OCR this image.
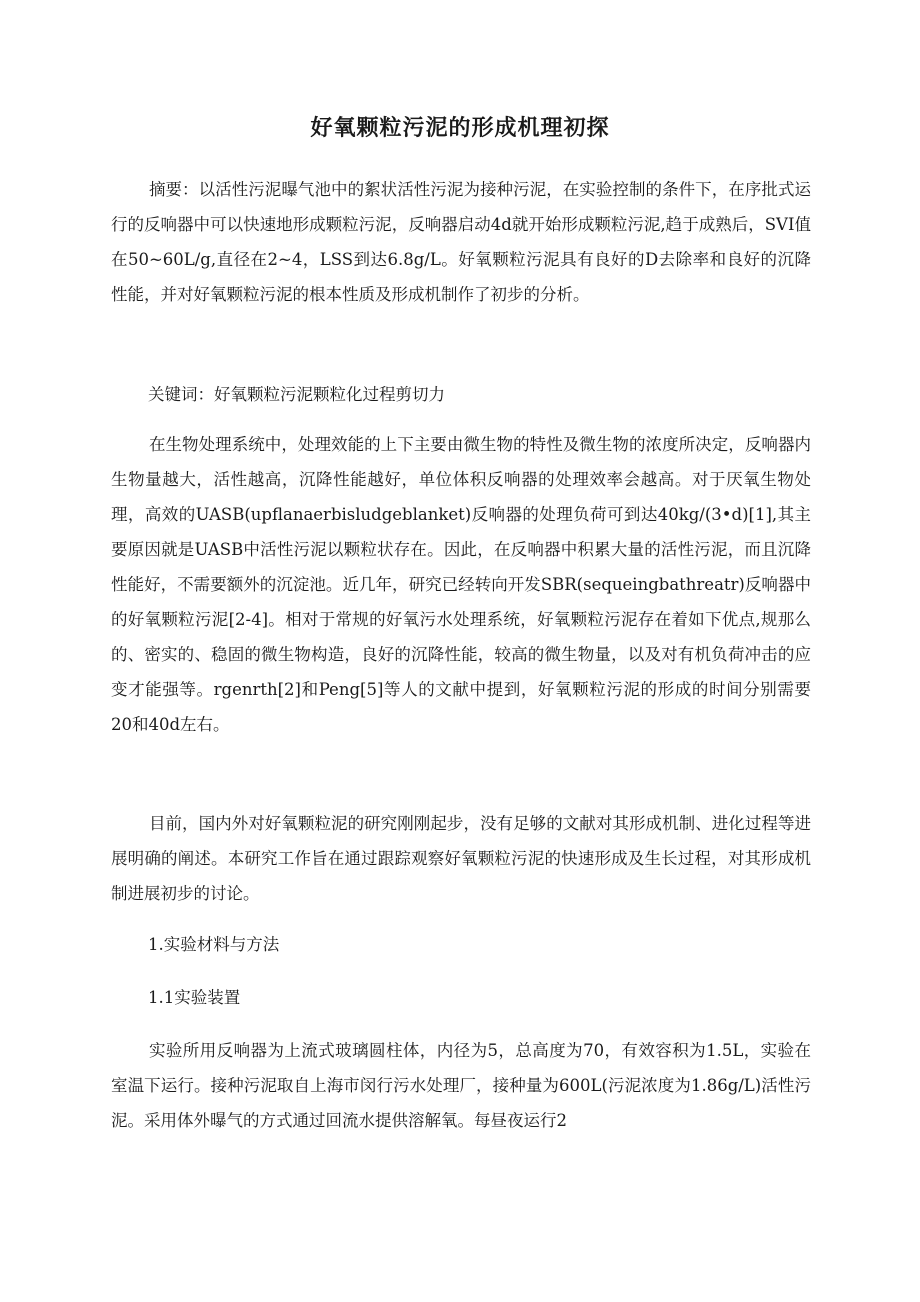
好氧颗粒污泥的形成机理初探

摘要：以活性污泥曝气池中的絮状活性污泥为接种污泥，在实验控制的条件下，在序批式运行的反响器中可以快速地形成颗粒污泥，反响器启动4d就开始形成颗粒污泥,趋于成熟后，SVI值在50~60L/g,直径在2~4，LSS到达6.8g/L。好氧颗粒污泥具有良好的D去除率和良好的沉降性能，并对好氧颗粒污泥的根本性质及形成机制作了初步的分析。

关键词：好氧颗粒污泥颗粒化过程剪切力

在生物处理系统中，处理效能的上下主要由微生物的特性及微生物的浓度所决定，反响器内生物量越大，活性越高，沉降性能越好，单位体积反响器的处理效率会越高。对于厌氧生物处理，高效的UASB(upflanaerbisludgeblanket)反响器的处理负荷可到达40kg/(3•d)[1],其主要原因就是UASB中活性污泥以颗粒状存在。因此，在反响器中积累大量的活性污泥，而且沉降性能好，不需要额外的沉淀池。近几年，研究已经转向开发SBR(sequeingbathreatr)反响器中的好氧颗粒污泥[2-4]。相对于常规的好氧污水处理系统，好氧颗粒污泥存在着如下优点,规那么的、密实的、稳固的微生物构造，良好的沉降性能，较高的微生物量，以及对有机负荷冲击的应变才能强等。rgenrth[2]和Peng[5]等人的文献中提到，好氧颗粒污泥的形成的时间分别需要20和40d左右。

目前，国内外对好氧颗粒泥的研究刚刚起步，没有足够的文献对其形成机制、进化过程等进展明确的阐述。本研究工作旨在通过跟踪观察好氧颗粒污泥的快速形成及生长过程，对其形成机制进展初步的讨论。

1.实验材料与方法

1.1实验装置

实验所用反响器为上流式玻璃圆柱体，内径为5，总高度为70，有效容积为1.5L，实验在室温下运行。接种污泥取自上海市闵行污水处理厂，接种量为600L(污泥浓度为1.86g/L)活性污泥。采用体外曝气的方式通过回流水提供溶解氧。每昼夜运行2
